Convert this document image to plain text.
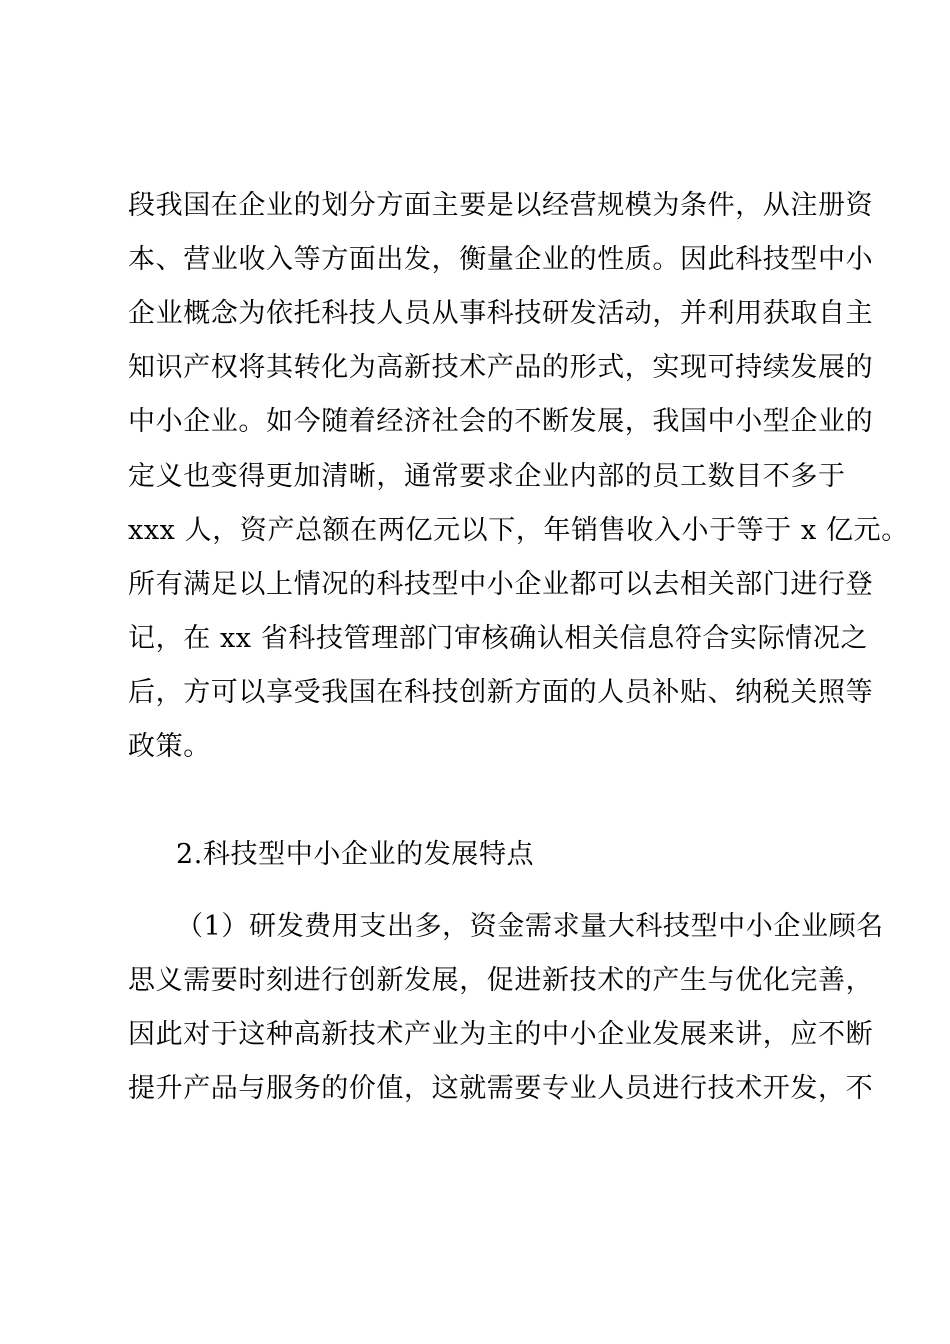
段我国在企业的划分方面主要是以经营规模为条件，从注册资
本、营业收入等方面出发，衡量企业的性质。因此科技型中小
企业概念为依托科技人员从事科技研发活动，并利用获取自主
知识产权将其转化为高新技术产品的形式，实现可持续发展的
中小企业。如今随着经济社会的不断发展，我国中小型企业的
定义也变得更加清晰，通常要求企业内部的员工数目不多于
xxx 人，资产总额在两亿元以下，年销售收入小于等于 x 亿元。
所有满足以上情况的科技型中小企业都可以去相关部门进行登
记，在 xx 省科技管理部门审核确认相关信息符合实际情况之
后，方可以享受我国在科技创新方面的人员补贴、纳税关照等
政策。
2.科技型中小企业的发展特点
（1）研发费用支出多，资金需求量大科技型中小企业顾名
思义需要时刻进行创新发展，促进新技术的产生与优化完善，
因此对于这种高新技术产业为主的中小企业发展来讲，应不断
提升产品与服务的价值，这就需要专业人员进行技术开发，不
